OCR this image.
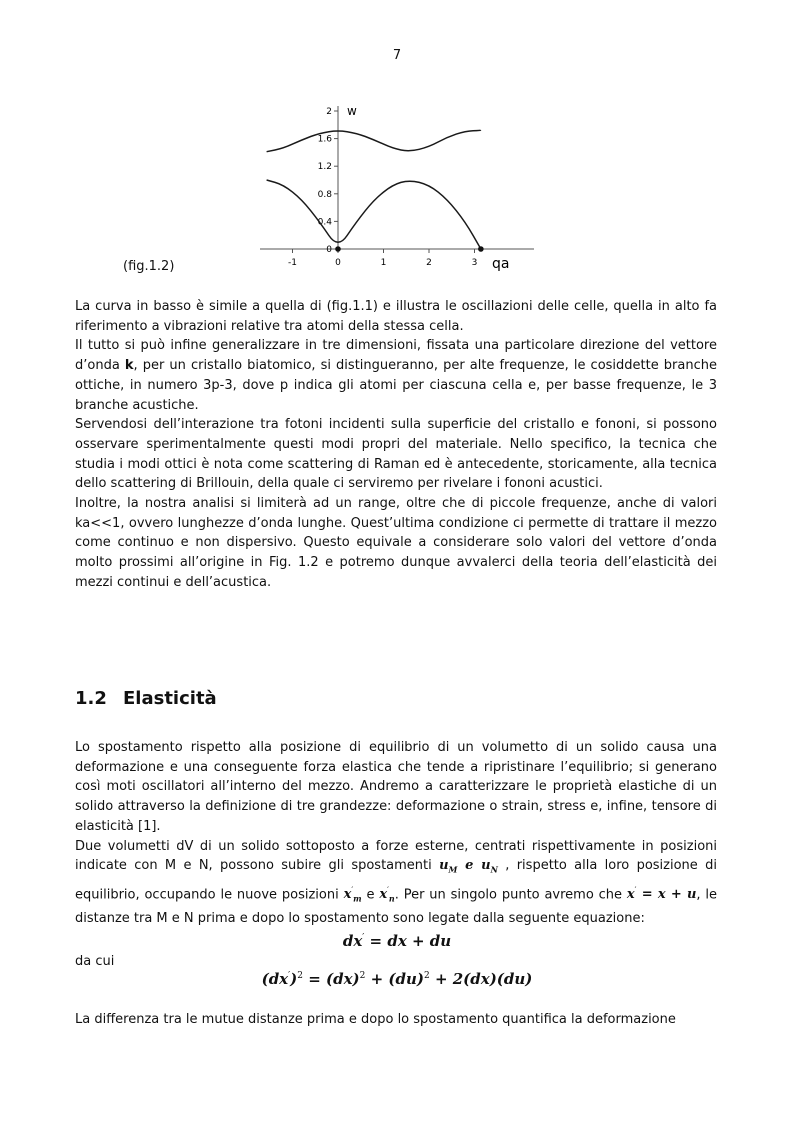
7
0
0.4
0.8
1.2
1.6
2
-1	0	1	2	3
w
qa
(fig.1.2)

La curva in basso è simile a quella di (fig.1.1) e illustra le oscillazioni delle celle, quella in alto fa riferimento a vibrazioni relative tra atomi della stessa cella.

Il tutto si può infine generalizzare in tre dimensioni, fissata una particolare direzione del vettore d’onda k, per un cristallo biatomico, si distingueranno, per alte frequenze, le cosiddette branche ottiche, in numero 3p-3, dove p indica gli atomi per ciascuna cella e, per basse frequenze, le 3 branche acustiche.

Servendosi dell’interazione tra fotoni incidenti sulla superficie del cristallo e fononi, si possono osservare sperimentalmente questi modi propri del materiale. Nello specifico, la tecnica che studia i modi ottici è nota come scattering di Raman ed è antecedente, storicamente, alla tecnica dello scattering di Brillouin, della quale ci serviremo per rivelare i fononi acustici.

Inoltre, la nostra analisi si limiterà ad un range, oltre che di piccole frequenze, anche di valori ka<<1, ovvero lunghezze d’onda lunghe. Quest’ultima condizione ci permette di trattare il mezzo come continuo e non dispersivo. Questo equivale a considerare solo valori del vettore d’onda molto prossimi all’origine in Fig. 1.2 e potremo dunque avvalerci della teoria dell’elasticità dei mezzi continui e dell’acustica.

1.2 Elasticità

Lo spostamento rispetto alla posizione di equilibrio di un volumetto di un solido causa una deformazione e una conseguente forza elastica che tende a ripristinare l’equilibrio; si generano così moti oscillatori all’interno del mezzo. Andremo a caratterizzare le proprietà elastiche di un solido attraverso la definizione di tre grandezze: deformazione o strain, stress e, infine, tensore di elasticità [1].

Due volumetti dV di un solido sottoposto a forze esterne, centrati rispettivamente in posizioni indicate con M e N, possono subire gli spostamenti $u_M$ e $u_N$ , rispetto alla loro posizione di equilibrio, occupando le nuove posizioni $x'_m$ e $x'_n$. Per un singolo punto avremo che x′ = x + u, le distanze tra M e N prima e dopo lo spostamento sono legate dalla seguente equazione:

dx′ = dx + du
da cui
$(dx')^2 = (dx)^2 + (du)^2 + 2(dx)(du)$
La differenza tra le mutue distanze prima e dopo lo spostamento quantifica la deformazione
